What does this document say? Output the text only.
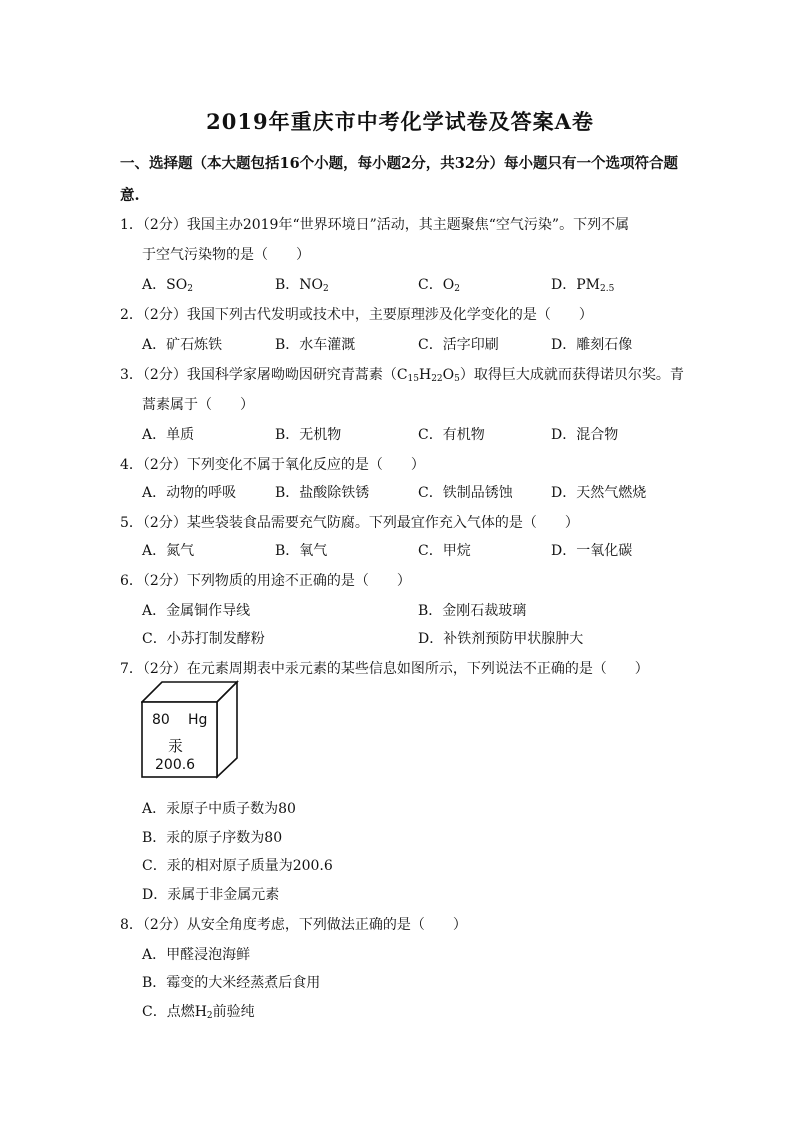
2019年重庆市中考化学试卷及答案A卷
一、选择题（本大题包括16个小题，每小题2分，共32分）每小题只有一个选项符合题
意.
1．（2分）我国主办2019年“世界环境日”活动，其主题聚焦“空气污染”。下列不属
于空气污染物的是（　　）
A．$SO_2$	B．$NO_2$	C．$O_2$	D．$PM_{2.5}$
2．（2分）我国下列古代发明或技术中，主要原理涉及化学变化的是（　　）
A．矿石炼铁	B．水车灌溉	C．活字印刷	D．雕刻石像
3．（2分）我国科学家屠呦呦因研究青蒿素$(C_{15}H_{22}O_5)$取得巨大成就而获得诺贝尔奖。青
蒿素属于（　　）
A．单质	B．无机物	C．有机物	D．混合物
4．（2分）下列变化不属于氧化反应的是（　　）
A．动物的呼吸	B．盐酸除铁锈	C．铁制品锈蚀	D．天然气燃烧
5．（2分）某些袋装食品需要充气防腐。下列最宜作充入气体的是（　　）
A．氮气	B．氧气	C．甲烷	D．一氧化碳
6．（2分）下列物质的用途不正确的是（　　）
A．金属铜作导线	B．金刚石裁玻璃
C．小苏打制发酵粉	D．补铁剂预防甲状腺肿大
7．（2分）在元素周期表中汞元素的某些信息如图所示，下列说法不正确的是（　　）
80 Hg
汞
200.6
A．汞原子中质子数为80
B．汞的原子序数为80
C．汞的相对原子质量为200.6
D．汞属于非金属元素
8．（2分）从安全角度考虑，下列做法正确的是（　　）
A．甲醛浸泡海鲜
B．霉变的大米经蒸煮后食用
C．点燃$H_2$前验纯
